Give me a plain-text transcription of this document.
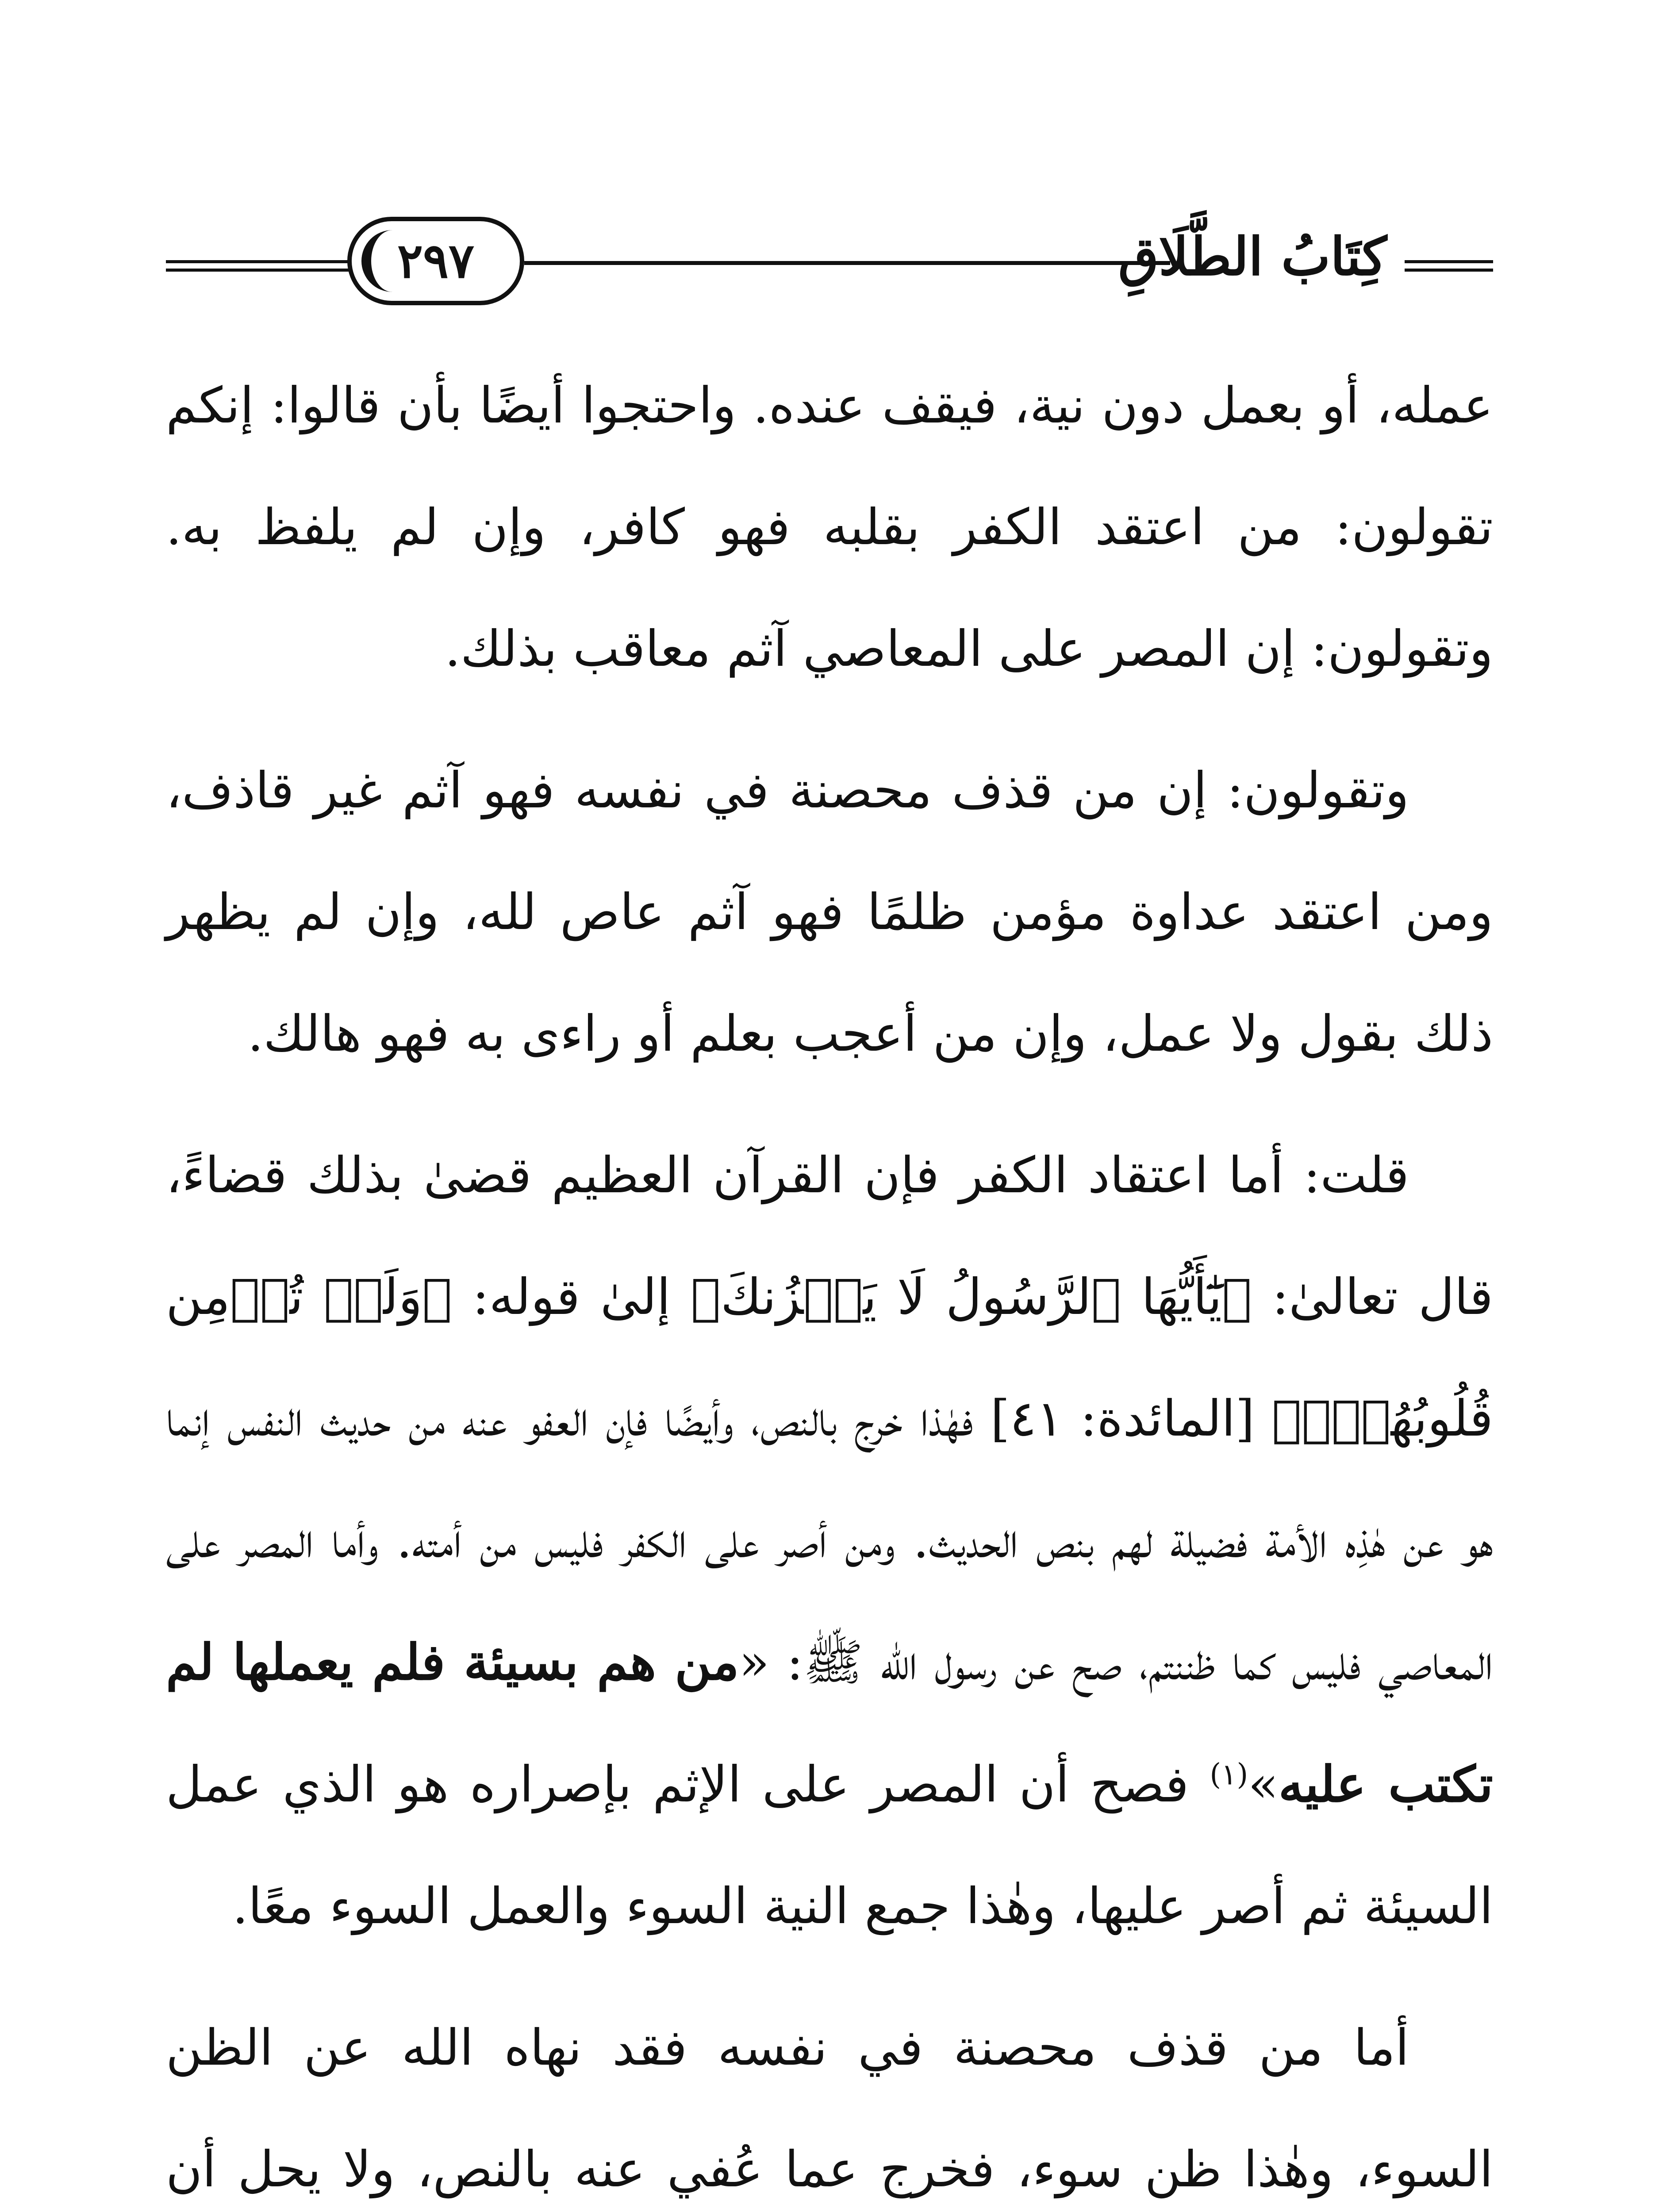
٢٩٧	كِتَابُ الطَّلَاقِ

عمله، أو بعمل دون نية، فيقف عنده. واحتجوا أيضًا بأن قالوا: إنكم تقولون: من اعتقد الكفر بقلبه فهو كافر، وإن لم يلفظ به. وتقولون: إن المصر على المعاصي آثم معاقب بذلك.

وتقولون: إن من قذف محصنة في نفسه فهو آثم غير قاذف، ومن اعتقد عداوة مؤمن ظلمًا فهو آثم عاص لله، وإن لم يظهر ذلك بقول ولا عمل، وإن من أعجب بعلم أو راءى به فهو هالك.

قلت: أما اعتقاد الكفر فإن القرآن العظيم قضىٰ بذلك قضاءً، قال تعالىٰ: ﴿يَٰٓأَيُّهَا ٱلرَّسُولُ لَا يَحۡزُنكَ﴾ إلىٰ قوله: ﴿وَلَمۡ تُؤۡمِن قُلُوبُهُمۡۛ﴾ [المائدة: ٤١] فهٰذا خرج بالنص، وأيضًا فإن العفو عنه من حديث النفس إنما هو عن هٰذِه الأمة فضيلة لهم بنص الحديث. ومن أصر على الكفر فليس من أمته. وأما المصر على المعاصي فليس كما ظننتم، صح عن رسول الله ﷺ: «من هم بسيئة فلم يعملها لم تكتب عليه»$^{(١)}$ فصح أن المصر على الإثم بإصراره هو الذي عمل السيئة ثم أصر عليها، وهٰذا جمع النية السوء والعمل السوء معًا.

أما من قذف محصنة في نفسه فقد نهاه الله عن الظن السوء، وهٰذا ظن سوء، فخرج عما عُفي عنه بالنص، ولا يحل أن
